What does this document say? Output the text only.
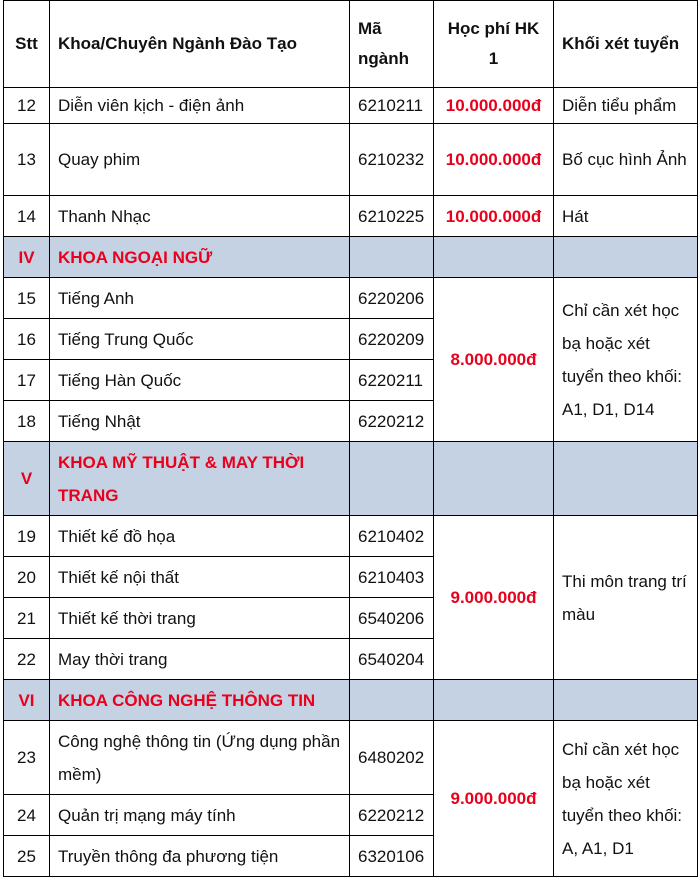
Stt	Khoa/Chuyên Ngành Đào Tạo	Mã ngành	Học phí HK 1	Khối xét tuyển
12	Diễn viên kịch - điện ảnh	6210211	10.000.000đ	Diễn tiểu phẩm
13	Quay phim	6210232	10.000.000đ	Bố cục hình Ảnh
14	Thanh Nhạc	6210225	10.000.000đ	Hát
IV	KHOA NGOẠI NGỮ			
15	Tiếng Anh	6220206	8.000.000đ	Chỉ cần xét học bạ hoặc xét tuyển theo khối: A1, D1, D14
16	Tiếng Trung Quốc	6220209		
17	Tiếng Hàn Quốc	6220211		
18	Tiếng Nhật	6220212		
V	KHOA MỸ THUẬT & MAY THỜI TRANG			
19	Thiết kế đồ họa	6210402	9.000.000đ	Thi môn trang trí màu
20	Thiết kế nội thất	6210403		
21	Thiết kế thời trang	6540206		
22	May thời trang	6540204		
VI	KHOA CÔNG NGHỆ THÔNG TIN			
23	Công nghệ thông tin (Ứng dụng phần mềm)	6480202	9.000.000đ	Chỉ cần xét học bạ hoặc xét tuyển theo khối: A, A1, D1
24	Quản trị mạng máy tính	6220212		
25	Truyền thông đa phương tiện	6320106		
